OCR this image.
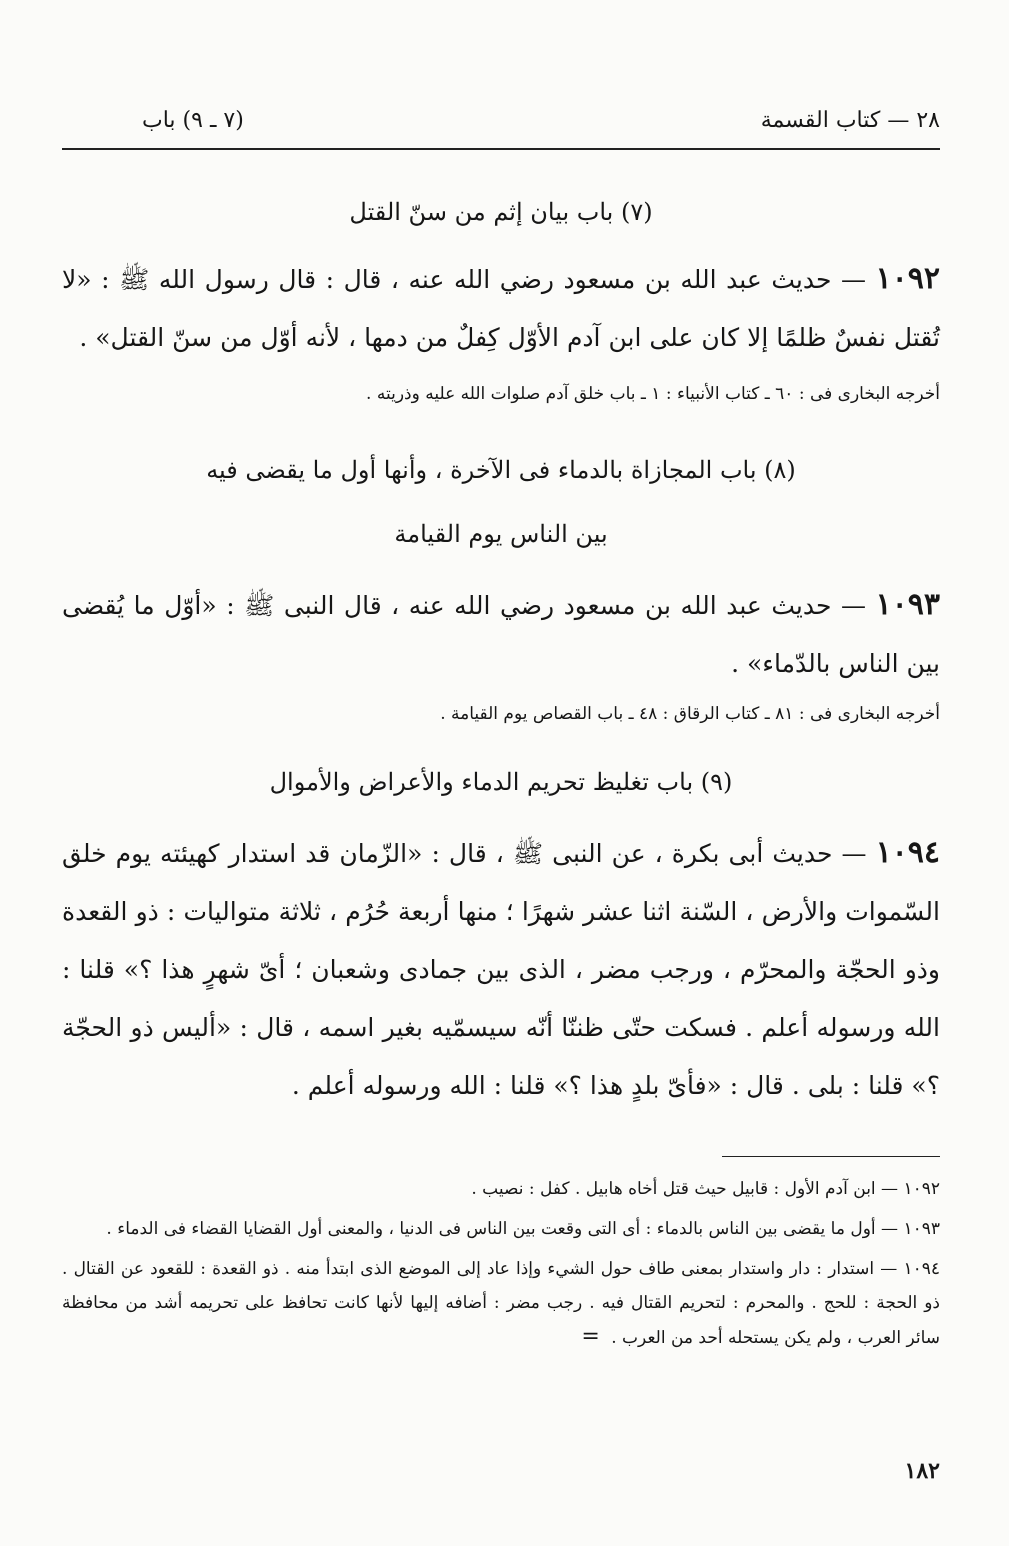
٢٨ — كتاب القسمة
(٧ ـ ٩) باب
(٧) باب بيان إثم من سنّ القتل
١٠٩٢ — حديث عبد الله بن مسعود رضي الله عنه ، قال : قال رسول الله ﷺ : «لا تُقتل نفسٌ ظلمًا إلا كان على ابن آدم الأوّل كِفلٌ من دمها ، لأنه أوّل من سنّ القتل» .
أخرجه البخارى فى : ٦٠ ـ كتاب الأنبياء : ١ ـ باب خلق آدم صلوات الله عليه وذريته .
(٨) باب المجازاة بالدماء فى الآخرة ، وأنها أول ما يقضى فيه
بين الناس يوم القيامة
١٠٩٣ — حديث عبد الله بن مسعود رضي الله عنه ، قال النبى ﷺ : «أوّل ما يُقضى بين الناس بالدّماء» .
أخرجه البخارى فى : ٨١ ـ كتاب الرقاق : ٤٨ ـ باب القصاص يوم القيامة .
(٩) باب تغليظ تحريم الدماء والأعراض والأموال
١٠٩٤ — حديث أبى بكرة ، عن النبى ﷺ ، قال : «الزّمان قد استدار كهيئته يوم خلق السّموات والأرض ، السّنة اثنا عشر شهرًا ؛ منها أربعة حُرُم ، ثلاثة متواليات : ذو القعدة وذو الحجّة والمحرّم ، ورجب مضر ، الذى بين جمادى وشعبان ؛ أىّ شهرٍ هذا ؟» قلنا : الله ورسوله أعلم . فسكت حتّى ظننّا أنّه سيسمّيه بغير اسمه ، قال : «أليس ذو الحجّة ؟» قلنا : بلى . قال : «فأىّ بلدٍ هذا ؟» قلنا : الله ورسوله أعلم .

١٠٩٢ — ابن آدم الأول : قابيل حيث قتل أخاه هابيل . كفل : نصيب .

١٠٩٣ — أول ما يقضى بين الناس بالدماء : أى التى وقعت بين الناس فى الدنيا ، والمعنى أول القضايا القضاء فى الدماء .

١٠٩٤ — استدار : دار واستدار بمعنى طاف حول الشيء وإذا عاد إلى الموضع الذى ابتدأ منه . ذو القعدة : للقعود عن القتال . ذو الحجة : للحج . والمحرم : لتحريم القتال فيه . رجب مضر : أضافه إليها لأنها كانت تحافظ على تحريمه أشد من محافظة سائر العرب ، ولم يكن يستحله أحد من العرب . =

١٨٢
